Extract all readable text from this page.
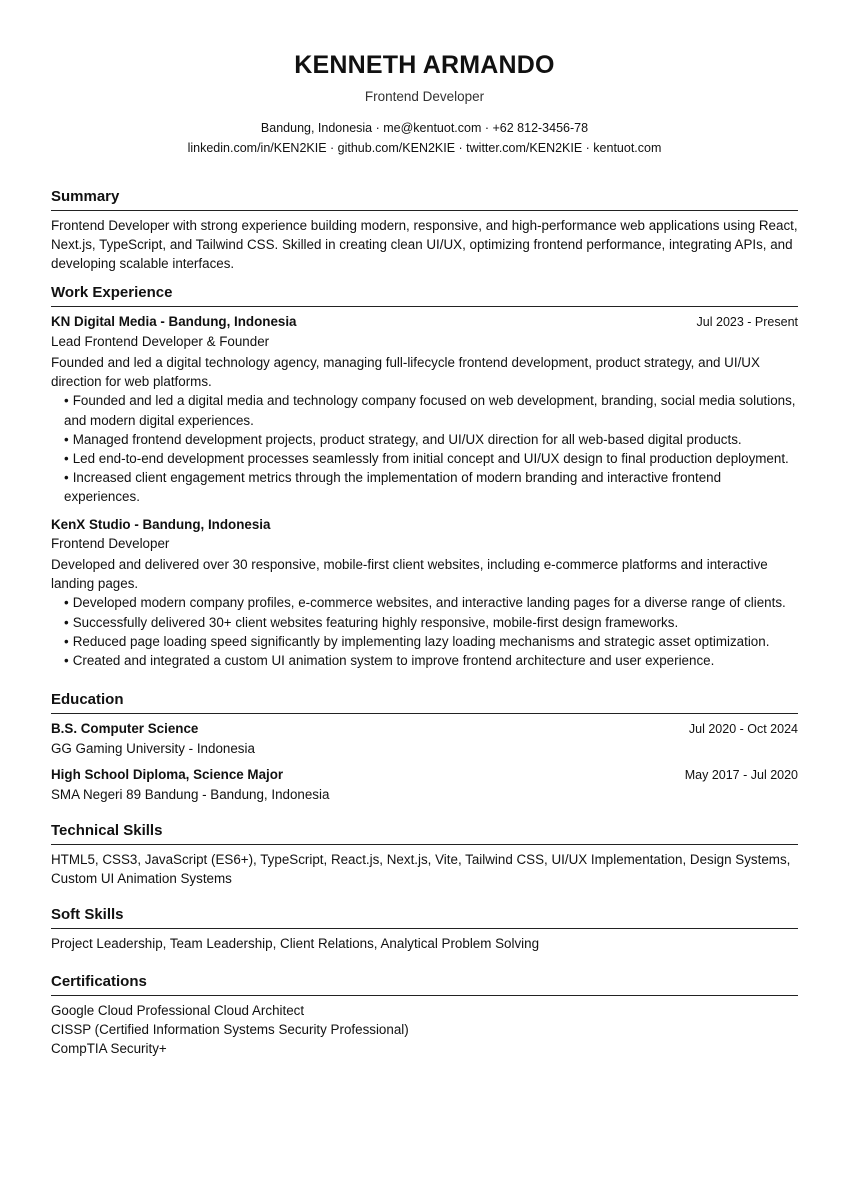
KENNETH ARMANDO
Frontend Developer
Bandung, Indonesia · me@kentuot.com · +62 812-3456-78
linkedin.com/in/KEN2KIE · github.com/KEN2KIE · twitter.com/KEN2KIE · kentuot.com
Summary
Frontend Developer with strong experience building modern, responsive, and high-performance web applications using React, Next.js, TypeScript, and Tailwind CSS. Skilled in creating clean UI/UX, optimizing frontend performance, integrating APIs, and developing scalable interfaces.
Work Experience
KN Digital Media - Bandung, Indonesia	Jul 2023 - Present
Lead Frontend Developer & Founder
Founded and led a digital technology agency, managing full-lifecycle frontend development, product strategy, and UI/UX direction for web platforms.
• Founded and led a digital media and technology company focused on web development, branding, social media solutions, and modern digital experiences.
• Managed frontend development projects, product strategy, and UI/UX direction for all web-based digital products.
• Led end-to-end development processes seamlessly from initial concept and UI/UX design to final production deployment.
• Increased client engagement metrics through the implementation of modern branding and interactive frontend experiences.
KenX Studio - Bandung, Indonesia
Frontend Developer
Developed and delivered over 30 responsive, mobile-first client websites, including e-commerce platforms and interactive landing pages.
• Developed modern company profiles, e-commerce websites, and interactive landing pages for a diverse range of clients.
• Successfully delivered 30+ client websites featuring highly responsive, mobile-first design frameworks.
• Reduced page loading speed significantly by implementing lazy loading mechanisms and strategic asset optimization.
• Created and integrated a custom UI animation system to improve frontend architecture and user experience.
Education
B.S. Computer Science	Jul 2020 - Oct 2024
GG Gaming University - Indonesia
High School Diploma, Science Major	May 2017 - Jul 2020
SMA Negeri 89 Bandung - Bandung, Indonesia
Technical Skills
HTML5, CSS3, JavaScript (ES6+), TypeScript, React.js, Next.js, Vite, Tailwind CSS, UI/UX Implementation, Design Systems, Custom UI Animation Systems
Soft Skills
Project Leadership, Team Leadership, Client Relations, Analytical Problem Solving
Certifications
Google Cloud Professional Cloud Architect
CISSP (Certified Information Systems Security Professional)
CompTIA Security+
